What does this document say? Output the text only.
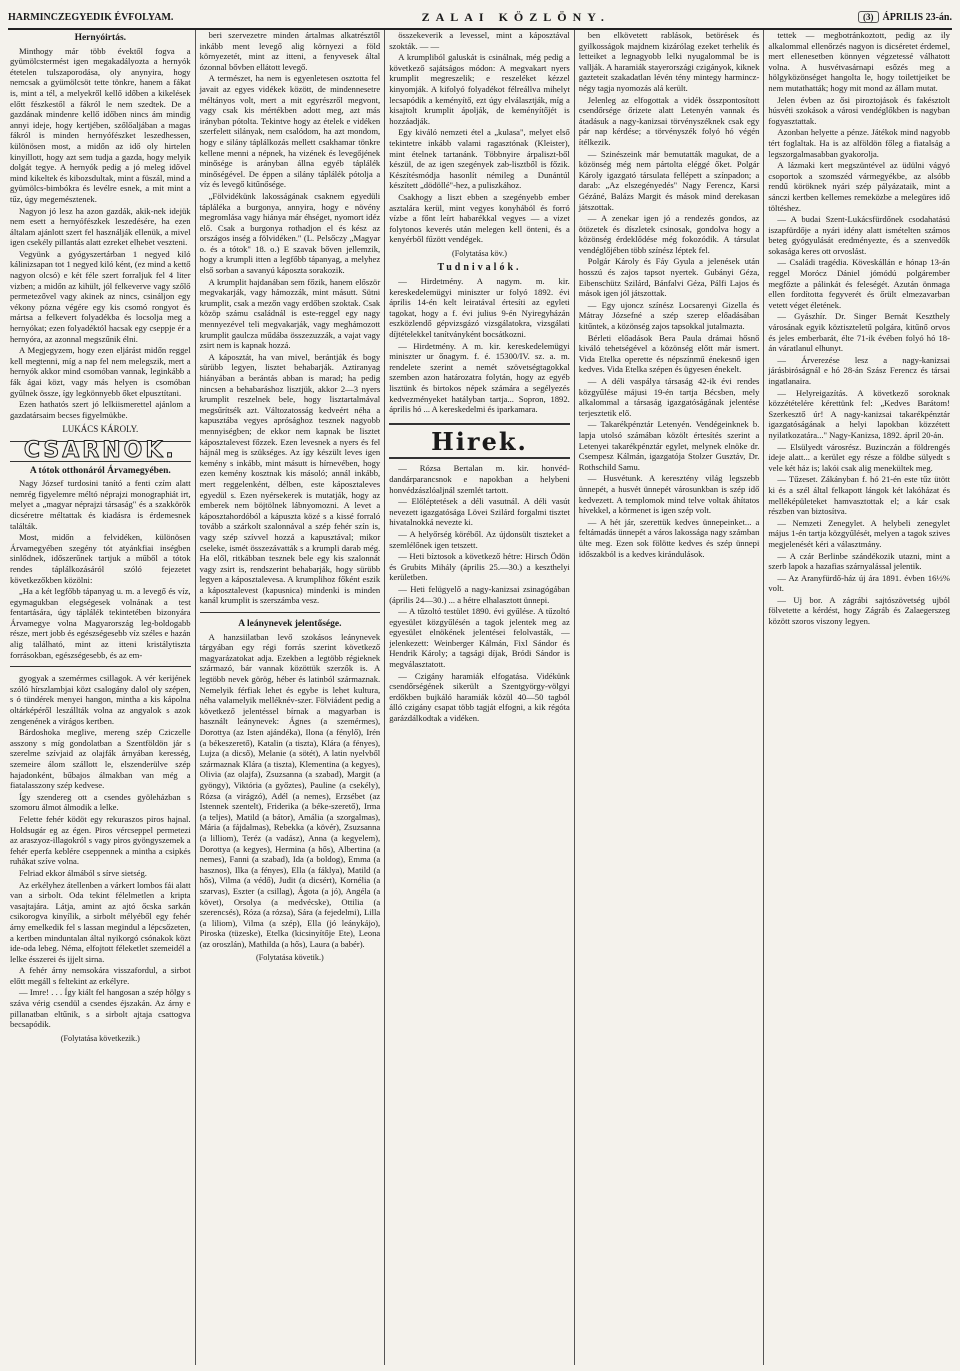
HARMINCZEGYEDIK ÉVFOLYAM.	ZALAI KÖZLÖNY.	(3) ÁPRILIS 23-án.
Hernyóirtás.

Minthogy már több évektől fogva a gyümölcstermést igen megakadályozta a hernyók étetelen tulszaporodása, oly anynyira, hogy nemcsak a gyümölcsöt tette tönkre, hanem a fákat is, mint a tél, a melyekről kellő időben a kikelések előtt fészkestől a fákról le nem szedtek. De a gazdának mindenre kellő időben nincs ám mindig annyi ideje, hogy kertjében, szőlőaljában a magas fákról is minden hernyófészket leszedhessen, különösen most, a midőn az idő oly hirtelen kinyillott, hogy azt sem tudja a gazda, hogy melyik dolgát tegye. A hernyók pedig a jó meleg idővel mind kikeltek és kibozsdultak, mint a füszál, mind a gyümölcs-bimbókra és levélre esnek, a mit mint a tűz, úgy megemésztenek.

Nagyon jó lesz ha azon gazdák, akik-nek idejük nem esett a hernyófészkek leszedésére, ha ezen általam ajánlott szert fel használják ellenük, a mivel igen csekély pillantás alatt ezreket elhebet veszteni.

Vegyünk a gyógyszertárban 1 negyed kiló kálinizsapan tot 1 negyed kiló ként, (ez mind a kettő nagyon olcsó) e két féle szert forraljuk fel 4 liter vizben; a midőn az kihült, jól felkeverve vagy szőlő permetezővel vagy akinek az nincs, csináljon egy vékony pózna végére egy kis csomó rongyot és mártsa a felkevert folyadékba és locsolja meg a hernyókat; ezen folyadéktól hacsak egy cseppje ér a hernyóra, az azonnal megszűnik élni.

A Megjegyzem, hogy ezen eljárást midőn reggel kell megtenni, míg a nap fel nem melegszik, mert a hernyók akkor mind csomóban vannak, leginkább a fák ágai közt, vagy más helyen is csomóban gyűlnek össze, így legkönnyebb őket elpusztítani.

Ezen hathatós szert jó lelkiismerettel ajánlom a gazdatársaim becses figyelmükbe.

LUKÁCS KÁROLY.
CSARNOK.
A tótok otthonáról Árvamegyében.

Nagy József turdosini tanító a fenti czím alatt nemrég figyelemre méltó néprajzi monographiát irt, melyet a „magyar néprajzi társaság" és a szakkörök dicséretre méltattak és kiadásra is érdemesnek találták.

Most, midőn a felvidéken, különösen Árvamegyében szegény tót atyánkfiai inségben sinlődnek, időszerűnek tartjuk a műből a tótok rendes táplálkozásáról szóló fejezetet következőkben közölni:

„Ha a két legfőbb tápanyag u. m. a levegő és víz, egymagukban elegségesek volnának a test fentartására, úgy táplálék tekintetében bizonyára Árvamegye volna Magyarország leg-boldogabb része, mert jobb és egészségesebb víz széles e hazán alig található, mint az itteni kristálytiszta forrásokban, egészségesebb, és az em-

gyogyak a szemérmes csillagok. A vér kerijének szóló hírszlambjai közt csalogány dalol oly szépen, s ó tündérek menyei hangon, mintha a kis kápolna oltárképéről leszállták volna az angyalok s azok zengenének a virágos kertben.

Bárdoshoka meglive, mereng szép Cziczelle asszony s míg gondolatban a Szentföldön jár s szerelme szívjaid az olajfák árnyában keresség, szemeire álom szállott le, elszenderülve szép hajadonként, bűbajos álmakban van még a fiatalasszony szép kedvese.

Így szendereg ott a csendes gyöleházban s szomoru álmot álmodik a lelke.

Felette fehér ködöt egy rekuraszos piros hajnal. Holdsugár eg az égen. Piros vércseppel permetezi az araszyoz-illagokról s vagy piros gyöngyszemek a fehér eperfa keblére cseppennek a mintha a csipkés ruhákat szíve volna.

Felriad ekkor álmából s sírve sietség.

Az erkélyhez átellenben a várkert lombos fái alatt van a sirbolt. Oda tekint félelmetlen a kripta vasajtajára. Látja, amint az ajtó őcska sarkán csikorogva kinyílik, a sirbolt mélyéből egy fehér árny emelkedik fel s lassan megindul a lépcsőzeten, a kertben minduntalan által nyikorgó csónakok közt ide-oda lebeg. Néma, elfojtott féleketlet szemeidél a lelke ésszerei és ijjelt sirna.

A fehér árny nemsokára visszafordul, a sirbot előtt megáll s feltekint az erkélyre.

— Imre! . . . Így kiált fel hangosan a szép hölgy s száva vérig csendül a csendes éjszakán. Az árny e pillanatban eltűnik, s a sirbolt ajtaja csattogva becsapódik.

(Folytatása következik.)

beri szervezetre minden ártalmas alkatrésztől inkább ment levegő alig környezi a föld környezetét, mint az itteni, a fenyvesek által ózonnal bővben ellátott levegő.

A természet, ha nem is egyenletesen osztotta fel javait az egyes vidékek között, de mindennesetre méltányos volt, mert a mit egyrészről megvont, vagy csak kis mértékben adott meg, azt más irányban pótolta. Tekintve hogy az ételek e vidéken szerfelett silányak, nem csalódom, ha azt mondom, hogy e silány táplálkozás mellett csakhamar tönkre kellene menni a népnek, ha vizének és levegőjének minősége is arányban állna egyéb táplálék minőségével. De éppen a silány táplálék pótolja a víz és levegő kitűnősége.

„Fölvidékünk lakosságának csaknem egyedüli tápláléka a burgonya, annyira, hogy e növény megromlása vagy hiánya már éhséget, nyomort idéz elő. Csak a burgonya rothadjon el és kész az országos inség a fölvidéken." (L. Pelsőczy „Magyar o. és a tótok" 18. o.) E szavak bőven jellemzik, hogy a krumpli itten a legfőbb tápanyag, a melyhez első sorban a savanyú káposzta sorakozik.

A krumplit hajdanában sem főzik, hanem először megvakarják, vagy hámozzák, mint másutt. Sütni krumplit, csak a mezőn vagy erdőben szoktak. Csak közöp számu családnál is este-reggel egy nagy mennyezével teli megvakarják, vagy meghámozott krumplit gaulcza műdába összezuzzák, a vajat vagy zsirt nem is kapnak hozzá.

A káposztát, ha van mivel, berántják és bogy sürübb legyen, lisztet behabarják. Aztiranyag hiányában a berántás abban is marad; ha pedig nincsen a behabaráshoz lisztjük, akkor 2—3 nyers krumplit reszelnek bele, hogy lisztartalmával megsűrítsék azt. Változatosság kedveért néha a kapusztába vegyes aprósághoz tesznek nagyobb mennyiségben; de ekkor nem kapnak be lisztet káposztalevest főzzek. Ezen levesnek a nyers és fel hájnál meg is szükséges. Az így készült leves igen kemény s inkább, mint másutt is hírnevében, hogy ezen kemény kosztnak kis másoló; annál inkább, mert reggelenként, délben, este káposztaleves egyedül s. Ezen nyérsekerek is mutatják, hogy az emberek nem böjtölnek lábnyomozni. A levet a káposztahordóból a kápuszta közé s a kissé forraló tovább a szárkolt szalonnával a szép fehér szín is, vagy szép szívvel hozzá a kapusztával; mikor cseleke, ismét összezávatták s a krumpli darab még. Ha elől, ritkábban tesznek bele egy kis szalonnát vagy zsirt is, rendszerint behabarják, hogy sürübb legyen a káposztalevesa. A krumplihoz főként eszik a káposztalevest (kapusnica) mindenki is minden kanál krumplit is szerszámba vesz.

A leánynevek jelentősége.

A hanzsiilatban levő szokásos leánynevek tárgyában egy régi forrás szerint következő magyarázatokat adja. Ezekben a legtöbb régieknek származó, bár vannak közöttük szerzők is. A legtöbb nevek görög, héber és latinból származnak. Nemelyik férfiak lehet és egybe is lehet kultura, néha valamelyik melléknév-szer. Fölviádent pedig a következő jelentéssel bírnak a magyarban is használt leánynevek: Ágnes (a szemérmes), Dorottya (az Isten ajándéka), Ilona (a fénylő), Irén (a békeszerető), Katalin (a tiszta), Klára (a fényes), Lujza (a dicső), Melanie (a sötét), A latin nyelvből származnak Klára (a tiszta), Klementina (a kegyes), Olivia (az olajfa), Zsuzsanna (a szabad), Margit (a gyöngy), Viktória (a győztes), Pauline (a csekély), Rózsa (a virágzó), Adél (a nemes), Erzsébet (az Istennek szentelt), Friderika (a béke-szerető), Irma (a teljes), Matild (a bátor), Amália (a szorgalmas), Mária (a fájdalmas), Rebekka (a kövér), Zsuzsanna (a lilliom), Teréz (a vadász), Anna (a kegyelem), Dorottya (a kegyes), Hermina (a hős), Albertina (a nemes), Fanni (a szabad), Ida (a boldog), Emma (a hasznos), Ilka (a fényes), Ella (a fáklya), Matild (a hős), Vilma (a védő), Judit (a dicsért), Kornélia (a szarvas), Eszter (a csillag), Ágota (a jó), Angéla (a követ), Orsolya (a medvécske), Ottilia (a szerencsés), Róza (a rózsa), Sára (a fejedelmi), Lilla (a liliom), Vilma (a szép), Ella (jó leánykájo), Piroska (tüzeske), Etelka (kicsinyítője Ete), Leona (az oroszlán), Mathilda (a hős), Laura (a babér).

(Folytatása követik.)

összekeverik a levessel, mint a káposztával szokták. — —

A krumpliból galuskát is csinálnak, még pedig a következő sajátságos módon: A megvakart nyers krumplit megreszelik; e reszeléket kézzel kinyomják. A kifolyó folyadékot félreállva mihelyt lecsapódik a keményítő, ezt úgy elválasztják, míg a kisajtolt krumplit ápolják, de keményítőjét is hozzáadják.

Egy kiváló nemzeti étel a „kulasa", melyet első tekintetre inkább valami ragasztónak (Kleister), mint ételnek tartanánk. Többnyire árpaliszt-ből készül, de az igen szegények zab-lisztből is főzik. Készítésmódja hasonlít némileg a Dunántúl készített „dödöllé"-hez, a puliszkához.

Csakhogy a liszt ebben a szegényebb ember asztalára kerül, mint vegyes konyhából és forró vízbe a főnt leírt habarékkal vegyes — a vizet folytonos keverés után melegen kell önteni, és a kenyérből fűzött vendégek.

(Folytatása köv.)
Tudnivalók.

— Hirdetmény. A nagym. m. kir. kereskedelemügyi miniszter ur folyó 1892. évi április 14-én kelt leiratával értesíti az egyleti tagokat, hogy a f. évi julius 9-én Nyiregyházán eszközlendő gépvizsgázó vizsgálatokra, vizsgálati díjtételekkel tanítványként bocsátkozni.

— Hirdetmény. A m. kir. kereskedelemügyi miniszter ur őnagym. f. é. 15300/IV. sz. a. m. rendelete szerint a nemét szövetségtagokkal szemben azon határozatra folytán, hogy az egyéb lisztünk és birtokos népek számára a segélyezés kedvezményeket hatályban tartja... Sopron, 1892. április hó ... A kereskedelmi és iparkamara.

Hirek.

— Rózsa Bertalan m. kir. honvéd-dandárparancsnok e napokban a helybeni honvédzászlóaljnál szemlét tartott.

— Előléptetések a déli vasutnál. A déli vasút nevezett igazgatósága Lövei Szilárd forgalmi tisztet hivatalnokká nevezte ki.

— A helyőrség köréből. Az újdonsült tiszteket a szemlélőnek igen tetszett.

— Heti bíztosok a következő hétre: Hirsch Ödön és Grubits Mihály (április 25.—30.) a keszthelyi kerületben.

— Heti felügyelő a nagy-kanizsai zsinagógában (április 24—30.) ... a hétre elhalasztott ünnepi.

— A tűzoltó testület 1890. évi gyűlése. A tűzoltó egyesület közgyűlésén a tagok jelentek meg az egyesület elnökének jelentései felolvasták, — jelenkezett: Weinberger Kálmán, Fixl Sándor és Hendrik Károly; a tagsági díjak, Bródi Sándor is megválasztatott.

— Czigány haramiák elfogatása. Vidékünk csendőrségének sikerült a Szentgyörgy-völgyi erdőkben bujkáló haramiák közül 40—50 tagból álló czigány csapat több tagját elfogni, a kik régóta garázdálkodtak a vidéken.

ben elkövetett rablások, betörések és gyilkosságok majdnem kizárólag ezeket terhelik és letteiket a legnagyobb lelki nyugalommal be is vallják. A haramiák stayerországi czigányok, kiknek gazteteit szakadatlan lévén tény mintegy harmincz-négy tagja nyomozás alá került.

Jelenleg az elfogottak a vidék összpontosított csendőrsége őrizete alatt Letenyén vannak és átadásuk a nagy-kanizsai törvényszéknek csak egy pár nap kérdése; a törvényszék folyó hó végén ítélkezik.

— Szinészeink már bemutatták magukat, de a közönség még nem pártolta eléggé őket. Polgár Károly igazgató társulata fellépett a színpadon; a darab: „Az elszegényedés" Nagy Ferencz, Karsi Gézáné, Balázs Margit és mások mind derekasan játszottak.

— A zenekar igen jó a rendezés gondos, az ötözetek és díszletek csinosak, gondolva hogy a közönség érdeklődése még fokozódik. A társulat vendéglőjében több színész léptek fel.

Polgár Károly és Fáy Gyula a jelenések után hosszú és zajos tapsot nyertek. Gubányi Géza, Eibenschütz Szilárd, Bánfalvi Géza, Pálfi Lajos és mások igen jól játszottak.

— Egy ujoncz színész Locsarenyi Gizella és Mátray Józsefné a szép szerep előadásában kitűntek, a közönség zajos tapsokkal jutalmazta.

Bérleti előadások Bera Paula drámai hősnő kiváló tehetségével a közönség előtt már ismert. Vida Etelka operette és népszínmű énekesnő igen kedves. Vida Etelka szépen és ügyesen énekelt.

— A déli vaspálya társaság 42-ik évi rendes közgyűlése májusi 19-én tartja Bécsben, mely alkalommal a társaság igazgatóságának jelentése terjesztetik elő.

— Takarékpénztár Letenyén. Vendégeinknek b. lapja utolsó számában közölt értesítés szerint a Letenyei takarékpénztár egylet, melynek elnöke dr. Csempesz Kálmán, igazgatója Stolzer Gusztáv, Dr. Rothschild Samu.

— Husvétunk. A keresztény világ legszebb ünnepét, a husvét ünnepét városunkban is szép idő kedvezett. A templomok mind telve voltak áhítatos hívekkel, a körmenet is igen szép volt.

— A hét jár, szerettük kedves ünnepeinket... a feltámadás ünnepét a város lakossága nagy számban ülte meg. Ezen sok fölötte kedves és szép ünnepi időszakból is a kedves kirándulások.

tettek — megbotránkoztott, pedig az ily alkalommal ellenőrzés nagyon is dicséretet érdemel, mert ellenesetben könnyen végzetessé válhatott volna. A husvétvasárnapi esőzés meg a hölgyközönséget hangolta le, hogy toilettjeiket be nem mutathatták; hogy mit mond az állam mutat.

Jelen évben az ősi piroztojások és fakésztolt húsvéti szokások a városi vendéglőkben is nagyban fogyasztattak.

Azonban helyette a pénze. Játékok mind nagyobb tért foglaltak. Ha is az alföldön főleg a fiatalság a legszorgalmasabban gyakorolja.

A lázmaki kert megszüntével az üdülni vágyó csoportok a szomszéd vármegyékbe, az alsóbb rendű köröknek nyári szép pályázataik, mint a sánczi kertben kellemes remeközbe a melegüres idő töltéshez.

— A budai Szent-Lukácsfürdőnek csodahatású iszapfürdője a nyári idény alatt ismételten számos beteg gyógyulását eredményezte, és a szenvedők sokasága keres ott orvoslást.

— Családi tragédia. Köveskállán e hónap 13-án reggel Morócz Dániel jómódú polgárember megfőzte a pálinkát és feleségét. Azután önmaga ellen fordította fegyverét és őrült elmezavarban vetett véget életének.

— Gyászhír. Dr. Singer Bernát Keszthely városának egyik köztiszteletű polgára, kitűnő orvos és jeles emberbarát, élte 71-ik évében folyó hó 18-án váratlanul elhunyt.

— Árverezése lesz a nagy-kanizsai járásbiróságnál e hó 28-án Szász Ferencz és társai ingatlanaira.

— Helyreigazítás. A következő soroknak közzétételére kérettünk fel: „Kedves Barátom! Szerkesztő úr! A nagy-kanizsai takarékpénztár igazgatóságának a helyi lapokban közzétett nyilatkozatára..." Nagy-Kanizsa, 1892. ápril 20-án.

— Elsülyedt városrész. Buzinczán a földrengés ideje alatt... a kerület egy része a földbe sülyedt s vele két ház is; lakói csak alig menekültek meg.

— Tűzeset. Zákányban f. hó 21-én este tűz ütött ki és a szél által felkapott lángok két lakóházat és melléképületeket hamvasztottak el; a kár csak részben van biztosítva.

— Nemzeti Zenegylet. A helybeli zenegylet május 1-én tartja közgyűlését, melyen a tagok szives megjelenését kéri a választmány.

— A czár Berlinbe szándékozik utazni, mint a szerb lapok a hazafias szárnyalással jelentik.

— Az Aranyfürdő-ház új ára 1891. évben 16½% volt.

— Uj bor. A zágrábi sajtószövetség ujból fölvetette a kérdést, hogy Zágráb és Zalaegerszeg között szoros viszony legyen.
